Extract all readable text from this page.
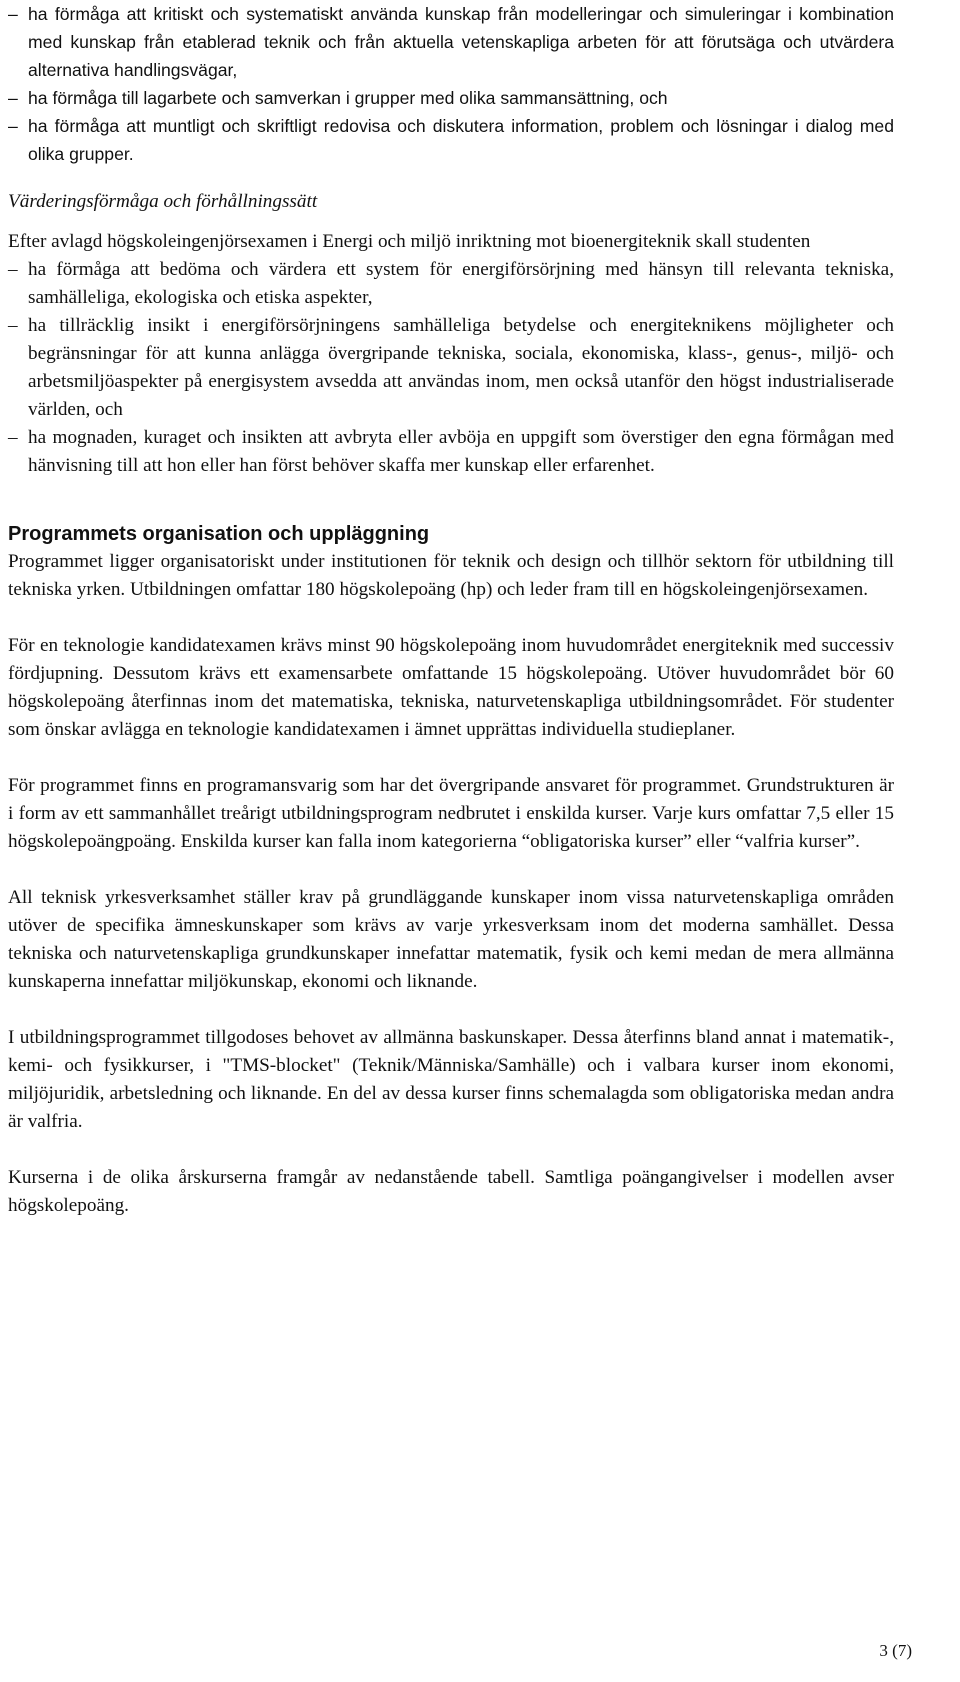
– ha förmåga att kritiskt och systematiskt använda kunskap från modelleringar och simuleringar i kombination med kunskap från etablerad teknik och från aktuella vetenskapliga arbeten för att förutsäga och utvärdera alternativa handlingsvägar,
– ha förmåga till lagarbete och samverkan i grupper med olika sammansättning, och
– ha förmåga att muntligt och skriftligt redovisa och diskutera information, problem och lösningar i dialog med olika grupper.
Värderingsförmåga och förhållningssätt
Efter avlagd högskoleingenjörsexamen i Energi och miljö inriktning mot bioenergiteknik skall studenten
– ha förmåga att bedöma och värdera ett system för energiförsörjning med hänsyn till relevanta tekniska, samhälleliga, ekologiska och etiska aspekter,
– ha tillräcklig insikt i energiförsörjningens samhälleliga betydelse och energiteknikens möjligheter och begränsningar för att kunna anlägga övergripande tekniska, sociala, ekonomiska, klass-, genus-, miljö- och arbetsmiljöaspekter på energisystem avsedda att användas inom, men också utanför den högst industrialiserade världen, och
– ha mognaden, kuraget och insikten att avbryta eller avböja en uppgift som överstiger den egna förmågan med hänvisning till att hon eller han först behöver skaffa mer kunskap eller erfarenhet.
Programmets organisation och uppläggning

Programmet ligger organisatoriskt under institutionen för teknik och design och tillhör sektorn för utbildning till tekniska yrken. Utbildningen omfattar 180 högskolepoäng (hp) och leder fram till en högskoleingenjörsexamen.

För en teknologie kandidatexamen krävs minst 90 högskolepoäng inom huvudområdet energiteknik med successiv fördjupning. Dessutom krävs ett examensarbete omfattande 15 högskolepoäng. Utöver huvudområdet bör 60 högskolepoäng återfinnas inom det matematiska, tekniska, naturvetenskapliga utbildningsområdet. För studenter som önskar avlägga en teknologie kandidatexamen i ämnet upprättas individuella studieplaner.

För programmet finns en programansvarig som har det övergripande ansvaret för programmet. Grundstrukturen är i form av ett sammanhållet treårigt utbildningsprogram nedbrutet i enskilda kurser. Varje kurs omfattar 7,5 eller 15 högskolepoängpoäng. Enskilda kurser kan falla inom kategorierna “obligatoriska kurser” eller “valfria kurser”.

All teknisk yrkesverksamhet ställer krav på grundläggande kunskaper inom vissa naturvetenskapliga områden utöver de specifika ämneskunskaper som krävs av varje yrkesverksam inom det moderna samhället. Dessa tekniska och naturvetenskapliga grundkunskaper innefattar matematik, fysik och kemi medan de mera allmänna kunskaperna innefattar miljökunskap, ekonomi och liknande.

I utbildningsprogrammet tillgodoses behovet av allmänna baskunskaper. Dessa återfinns bland annat i matematik-, kemi- och fysikkurser, i "TMS-blocket" (Teknik/Människa/Samhälle) och i valbara kurser inom ekonomi, miljöjuridik, arbetsledning och liknande. En del av dessa kurser finns schemalagda som obligatoriska medan andra är valfria.

Kurserna i de olika årskurserna framgår av nedanstående tabell. Samtliga poängangivelser i modellen avser högskolepoäng.

3 (7)
